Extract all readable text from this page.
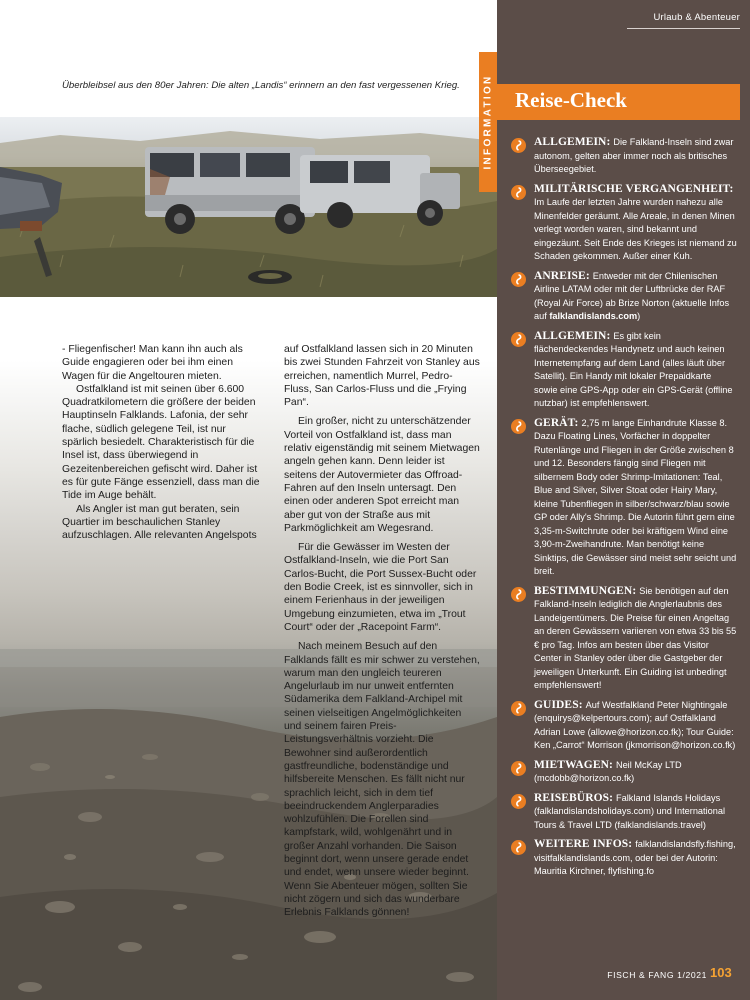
Überbleibsel aus den 80er Jahren: Die alten „Landis“ erinnern an den fast vergessenen Krieg.

- Fliegenfischer! Man kann ihn auch als Guide engagieren oder bei ihm einen Wagen für die Angeltouren mieten.

Ostfalkland ist mit seinen über 6.600 Quadratkilometern die größere der beiden Hauptinseln Falklands. Lafonia, der sehr flache, südlich gelegene Teil, ist nur spärlich besiedelt. Charakteristisch für die Insel ist, dass überwiegend in Gezeitenbereichen gefischt wird. Daher ist es für gute Fänge essenziell, dass man die Tide im Auge behält.

Als Angler ist man gut beraten, sein Quartier im beschaulichen Stanley aufzuschlagen. Alle relevanten Angelspots

auf Ostfalkland lassen sich in 20 Minuten bis zwei Stunden Fahrzeit von Stanley aus erreichen, namentlich Murrel, Pedro-Fluss, San Carlos-Fluss und die „Frying Pan“.

Ein großer, nicht zu unterschätzender Vorteil von Ostfalkland ist, dass man relativ eigenständig mit seinem Mietwagen angeln gehen kann. Denn leider ist seitens der Autovermieter das Offroad-Fahren auf den Inseln untersagt. Den einen oder anderen Spot erreicht man aber gut von der Straße aus mit Parkmöglichkeit am Wegesrand.

Für die Gewässer im Westen der Ostfalkland-Inseln, wie die Port San Carlos-Bucht, die Port Sussex-Bucht oder den Bodie Creek, ist es sinnvoller, sich in einem Ferienhaus in der jeweiligen Umgebung einzumieten, etwa im „Trout Court“ oder der „Racepoint Farm“.

Nach meinem Besuch auf den Falklands fällt es mir schwer zu verstehen, warum man den ungleich teureren Angelurlaub im nur unweit entfernten Südamerika dem Falkland-Archipel mit seinen vielseitigen Angelmöglichkeiten und seinem fairen Preis-Leistungsverhältnis vorzieht. Die Bewohner sind außerordentlich gastfreundliche, bodenständige und hilfsbereite Menschen. Es fällt nicht nur sprachlich leicht, sich in dem tief beeindruckendem Anglerparadies wohlzufühlen. Die Forellen sind kampfstark, wild, wohlgenährt und in großer Anzahl vorhanden. Die Saison beginnt dort, wenn unsere gerade endet und endet, wenn unsere wieder beginnt. Wenn Sie Abenteuer mögen, sollten Sie nicht zögern und sich das wunderbare Erlebnis Falklands gönnen!

Urlaub & Abenteuer
INFORMATION Reise-Check
ALLGEMEIN: Die Falkland-Inseln sind zwar autonom, gelten aber immer noch als britisches Überseegebiet.
MILITÄRISCHE VERGANGENHEIT: Im Laufe der letzten Jahre wurden nahezu alle Minenfelder geräumt. Alle Areale, in denen Minen verlegt worden waren, sind bekannt und eingezäunt. Seit Ende des Krieges ist niemand zu Schaden gekommen. Außer einer Kuh.
ANREISE: Entweder mit der Chilenischen Airline LATAM oder mit der Luftbrücke der RAF (Royal Air Force) ab Brize Norton (aktuelle Infos auf falklandislands.com)
ALLGEMEIN: Es gibt kein flächendeckendes Handynetz und auch keinen Internetempfang auf dem Land (alles läuft über Satellit). Ein Handy mit lokaler Prepaidkarte sowie eine GPS-App oder ein GPS-Gerät (offline nutzbar) ist empfehlenswert.
GERÄT: 2,75 m lange Einhandrute Klasse 8. Dazu Floating Lines, Vorfächer in doppelter Rutenlänge und Fliegen in der Größe zwischen 8 und 12. Besonders fängig sind Fliegen mit silbernem Body oder Shrimp-Imitationen: Teal, Blue and Silver, Silver Stoat oder Hairy Mary, kleine Tubenfliegen in silber/schwarz/blau sowie GP oder Ally's Shrimp. Die Autorin führt gern eine 3,35-m-Switchrute oder bei kräftigem Wind eine 3,90-m-Zweihandrute. Man benötigt keine Sinktips, die Gewässer sind meist sehr seicht und breit.
BESTIMMUNGEN: Sie benötigen auf den Falkland-Inseln lediglich die Anglerlaubnis des Landeigentümers. Die Preise für einen Angeltag an deren Gewässern variieren von etwa 33 bis 55 € pro Tag. Infos am besten über das Visitor Center in Stanley oder über die Gastgeber der jeweiligen Unterkunft. Ein Guiding ist unbedingt empfehlenswert!
GUIDES: Auf Westfalkland Peter Nightingale (enquirys@kelpertours.com); auf Ostfalkland Adrian Lowe (allowe@horizon.co.fk); Tour Guide: Ken „Carrot“ Morrison (jkmorrison@horizon.co.fk)
MIETWAGEN: Neil McKay LTD (mcdobb@horizon.co.fk)
REISEBÜROS: Falkland Islands Holidays (falklandislandsholidays.com) und International Tours & Travel LTD (falklandislands.travel)
WEITERE INFOS: falklandislandsfly.fishing, visitfalklandislands.com, oder bei der Autorin: Mauritia Kirchner, flyfishing.fo
FISCH & FANG 1/2021 103
